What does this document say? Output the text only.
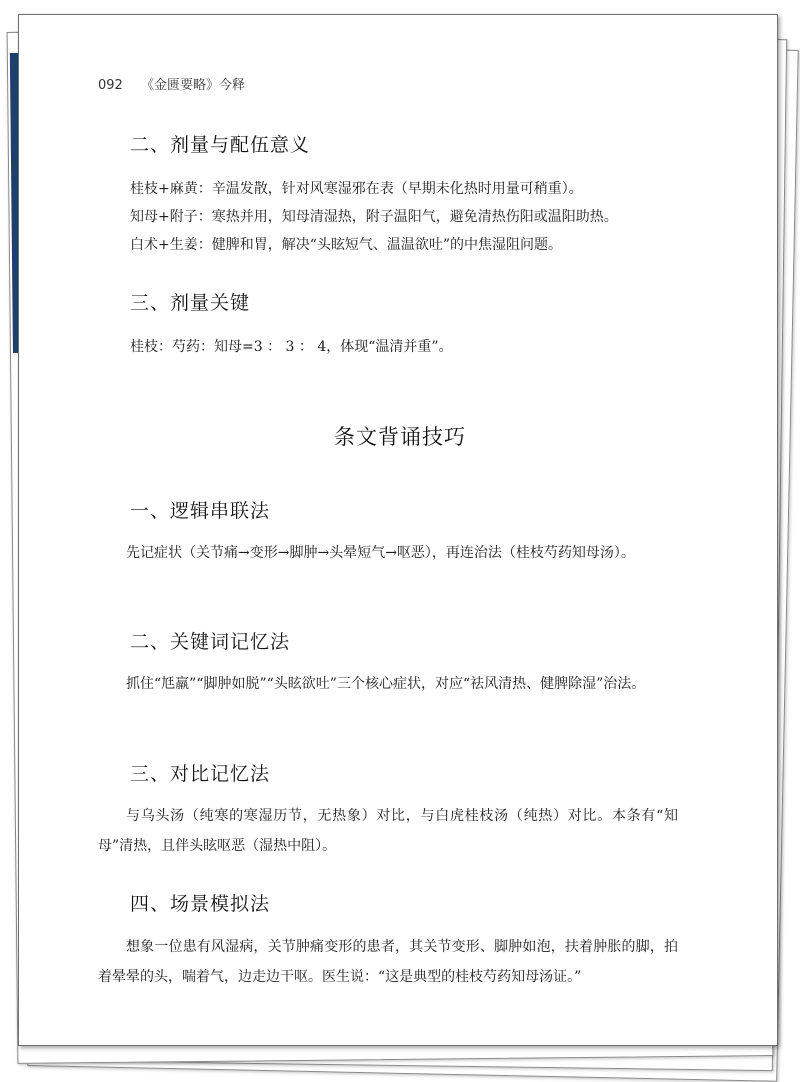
092 《金匮要略》今释
二、剂量与配伍意义
桂枝+麻黄：辛温发散，针对风寒湿邪在表（早期未化热时用量可稍重）。
知母+附子：寒热并用，知母清湿热，附子温阳气，避免清热伤阳或温阳助热。
白术+生姜：健脾和胃，解决“头眩短气、温温欲吐”的中焦湿阻问题。
三、剂量关键
桂枝：芍药：知母=3 ： 3 ： 4，体现“温清并重”。
条文背诵技巧
一、逻辑串联法
先记症状（关节痛→变形→脚肿→头晕短气→呕恶），再连治法（桂枝芍药知母汤）。
二、关键词记忆法
抓住“尪羸”“脚肿如脱”“头眩欲吐”三个核心症状，对应“祛风清热、健脾除湿”治法。
三、对比记忆法
与乌头汤（纯寒的寒湿历节，无热象）对比，与白虎桂枝汤（纯热）对比。本条有“知母”清热，且伴头眩呕恶（湿热中阻）。
四、场景模拟法
想象一位患有风湿病，关节肿痛变形的患者，其关节变形、脚肿如泡，扶着肿胀的脚，拍着晕晕的头，喘着气，边走边干呕。医生说：“这是典型的桂枝芍药知母汤证。”
